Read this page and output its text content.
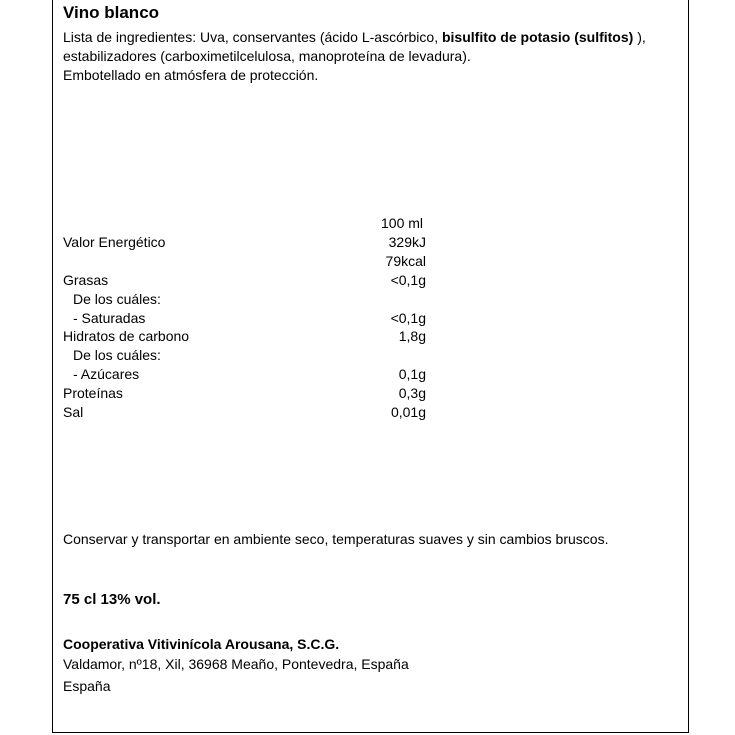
Vino blanco
Lista de ingredientes: Uva, conservantes (ácido L-ascórbico, bisulfito de potasio (sulfitos) ), estabilizadores (carboximetilcelulosa, manoproteína de levadura).
Embotellado en atmósfera de protección.
100 ml
Valor Energético	329kJ
79kcal
Grasas	<0,1g
De los cuáles:
- Saturadas	<0,1g
Hidratos de carbono	1,8g
De los cuáles:
- Azúcares	0,1g
Proteínas	0,3g
Sal	0,01g
Conservar y transportar en ambiente seco, temperaturas suaves y sin cambios bruscos.
75 cl 13% vol.
Cooperativa Vitivinícola Arousana, S.C.G.
Valdamor, nº18, Xil, 36968 Meaño, Pontevedra, España
España
